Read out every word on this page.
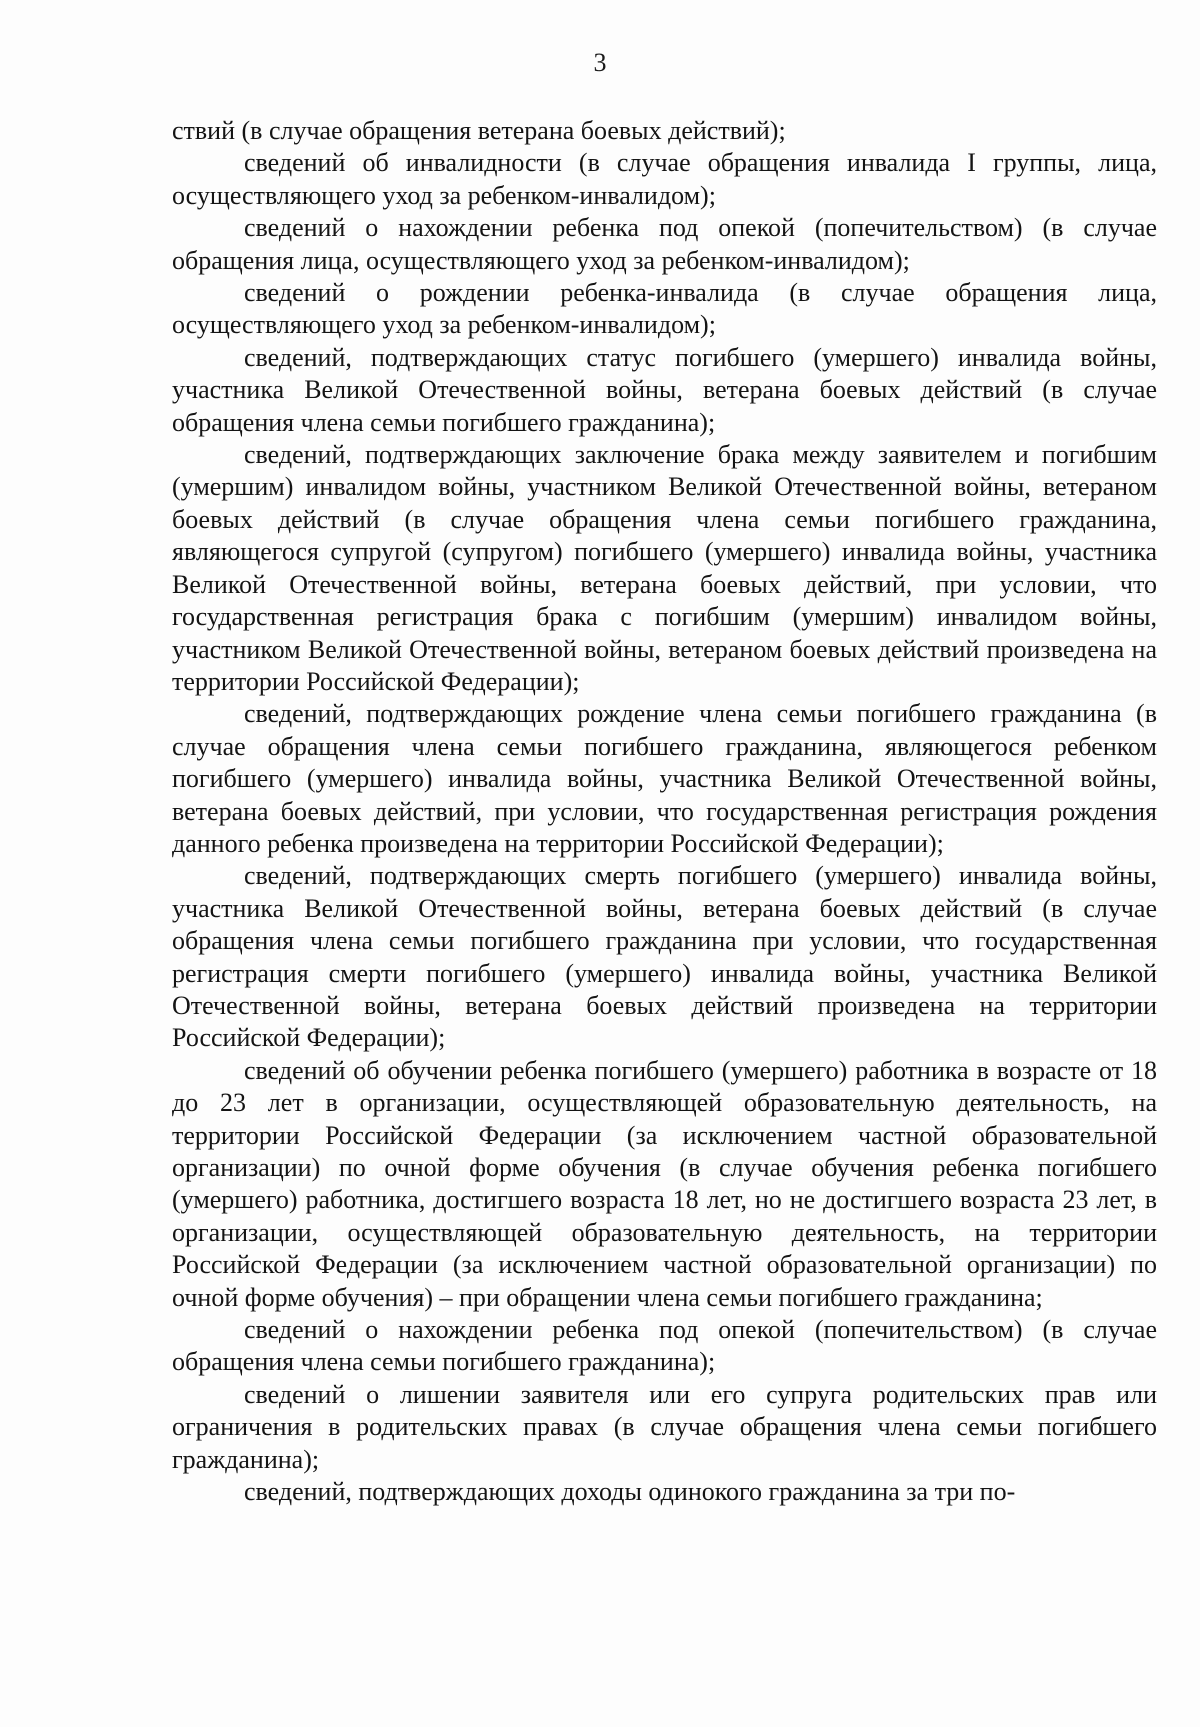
3

ствий (в случае обращения ветерана боевых действий);

сведений об инвалидности (в случае обращения инвалида I группы, лица, осуществляющего уход за ребенком-инвалидом);

сведений о нахождении ребенка под опекой (попечительством) (в случае обращения лица, осуществляющего уход за ребенком-инвалидом);

сведений о рождении ребенка-инвалида (в случае обращения лица, осуществляющего уход за ребенком-инвалидом);

сведений, подтверждающих статус погибшего (умершего) инвалида войны, участника Великой Отечественной войны, ветерана боевых действий (в случае обращения члена семьи погибшего гражданина);

сведений, подтверждающих заключение брака между заявителем и погибшим (умершим) инвалидом войны, участником Великой Отечественной войны, ветераном боевых действий (в случае обращения члена семьи погибшего гражданина, являющегося супругой (супругом) погибшего (умершего) инвалида войны, участника Великой Отечественной войны, ветерана боевых действий, при условии, что государственная регистрация брака с погибшим (умершим) инвалидом войны, участником Великой Отечественной войны, ветераном боевых действий произведена на территории Российской Федерации);

сведений, подтверждающих рождение члена семьи погибшего гражданина (в случае обращения члена семьи погибшего гражданина, являющегося ребенком погибшего (умершего) инвалида войны, участника Великой Отечественной войны, ветерана боевых действий, при условии, что государственная регистрация рождения данного ребенка произведена на территории Российской Федерации);

сведений, подтверждающих смерть погибшего (умершего) инвалида войны, участника Великой Отечественной войны, ветерана боевых действий (в случае обращения члена семьи погибшего гражданина при условии, что государственная регистрация смерти погибшего (умершего) инвалида войны, участника Великой Отечественной войны, ветерана боевых действий произведена на территории Российской Федерации);

сведений об обучении ребенка погибшего (умершего) работника в возрасте от 18 до 23 лет в организации, осуществляющей образовательную деятельность, на территории Российской Федерации (за исключением частной образовательной организации) по очной форме обучения (в случае обучения ребенка погибшего (умершего) работника, достигшего возраста 18 лет, но не достигшего возраста 23 лет, в организации, осуществляющей образовательную деятельность, на территории Российской Федерации (за исключением частной образовательной организации) по очной форме обучения) – при обращении члена семьи погибшего гражданина;

сведений о нахождении ребенка под опекой (попечительством) (в случае обращения члена семьи погибшего гражданина);

сведений о лишении заявителя или его супруга родительских прав или ограничения в родительских правах (в случае обращения члена семьи погибшего гражданина);

сведений, подтверждающих доходы одинокого гражданина за три по-
